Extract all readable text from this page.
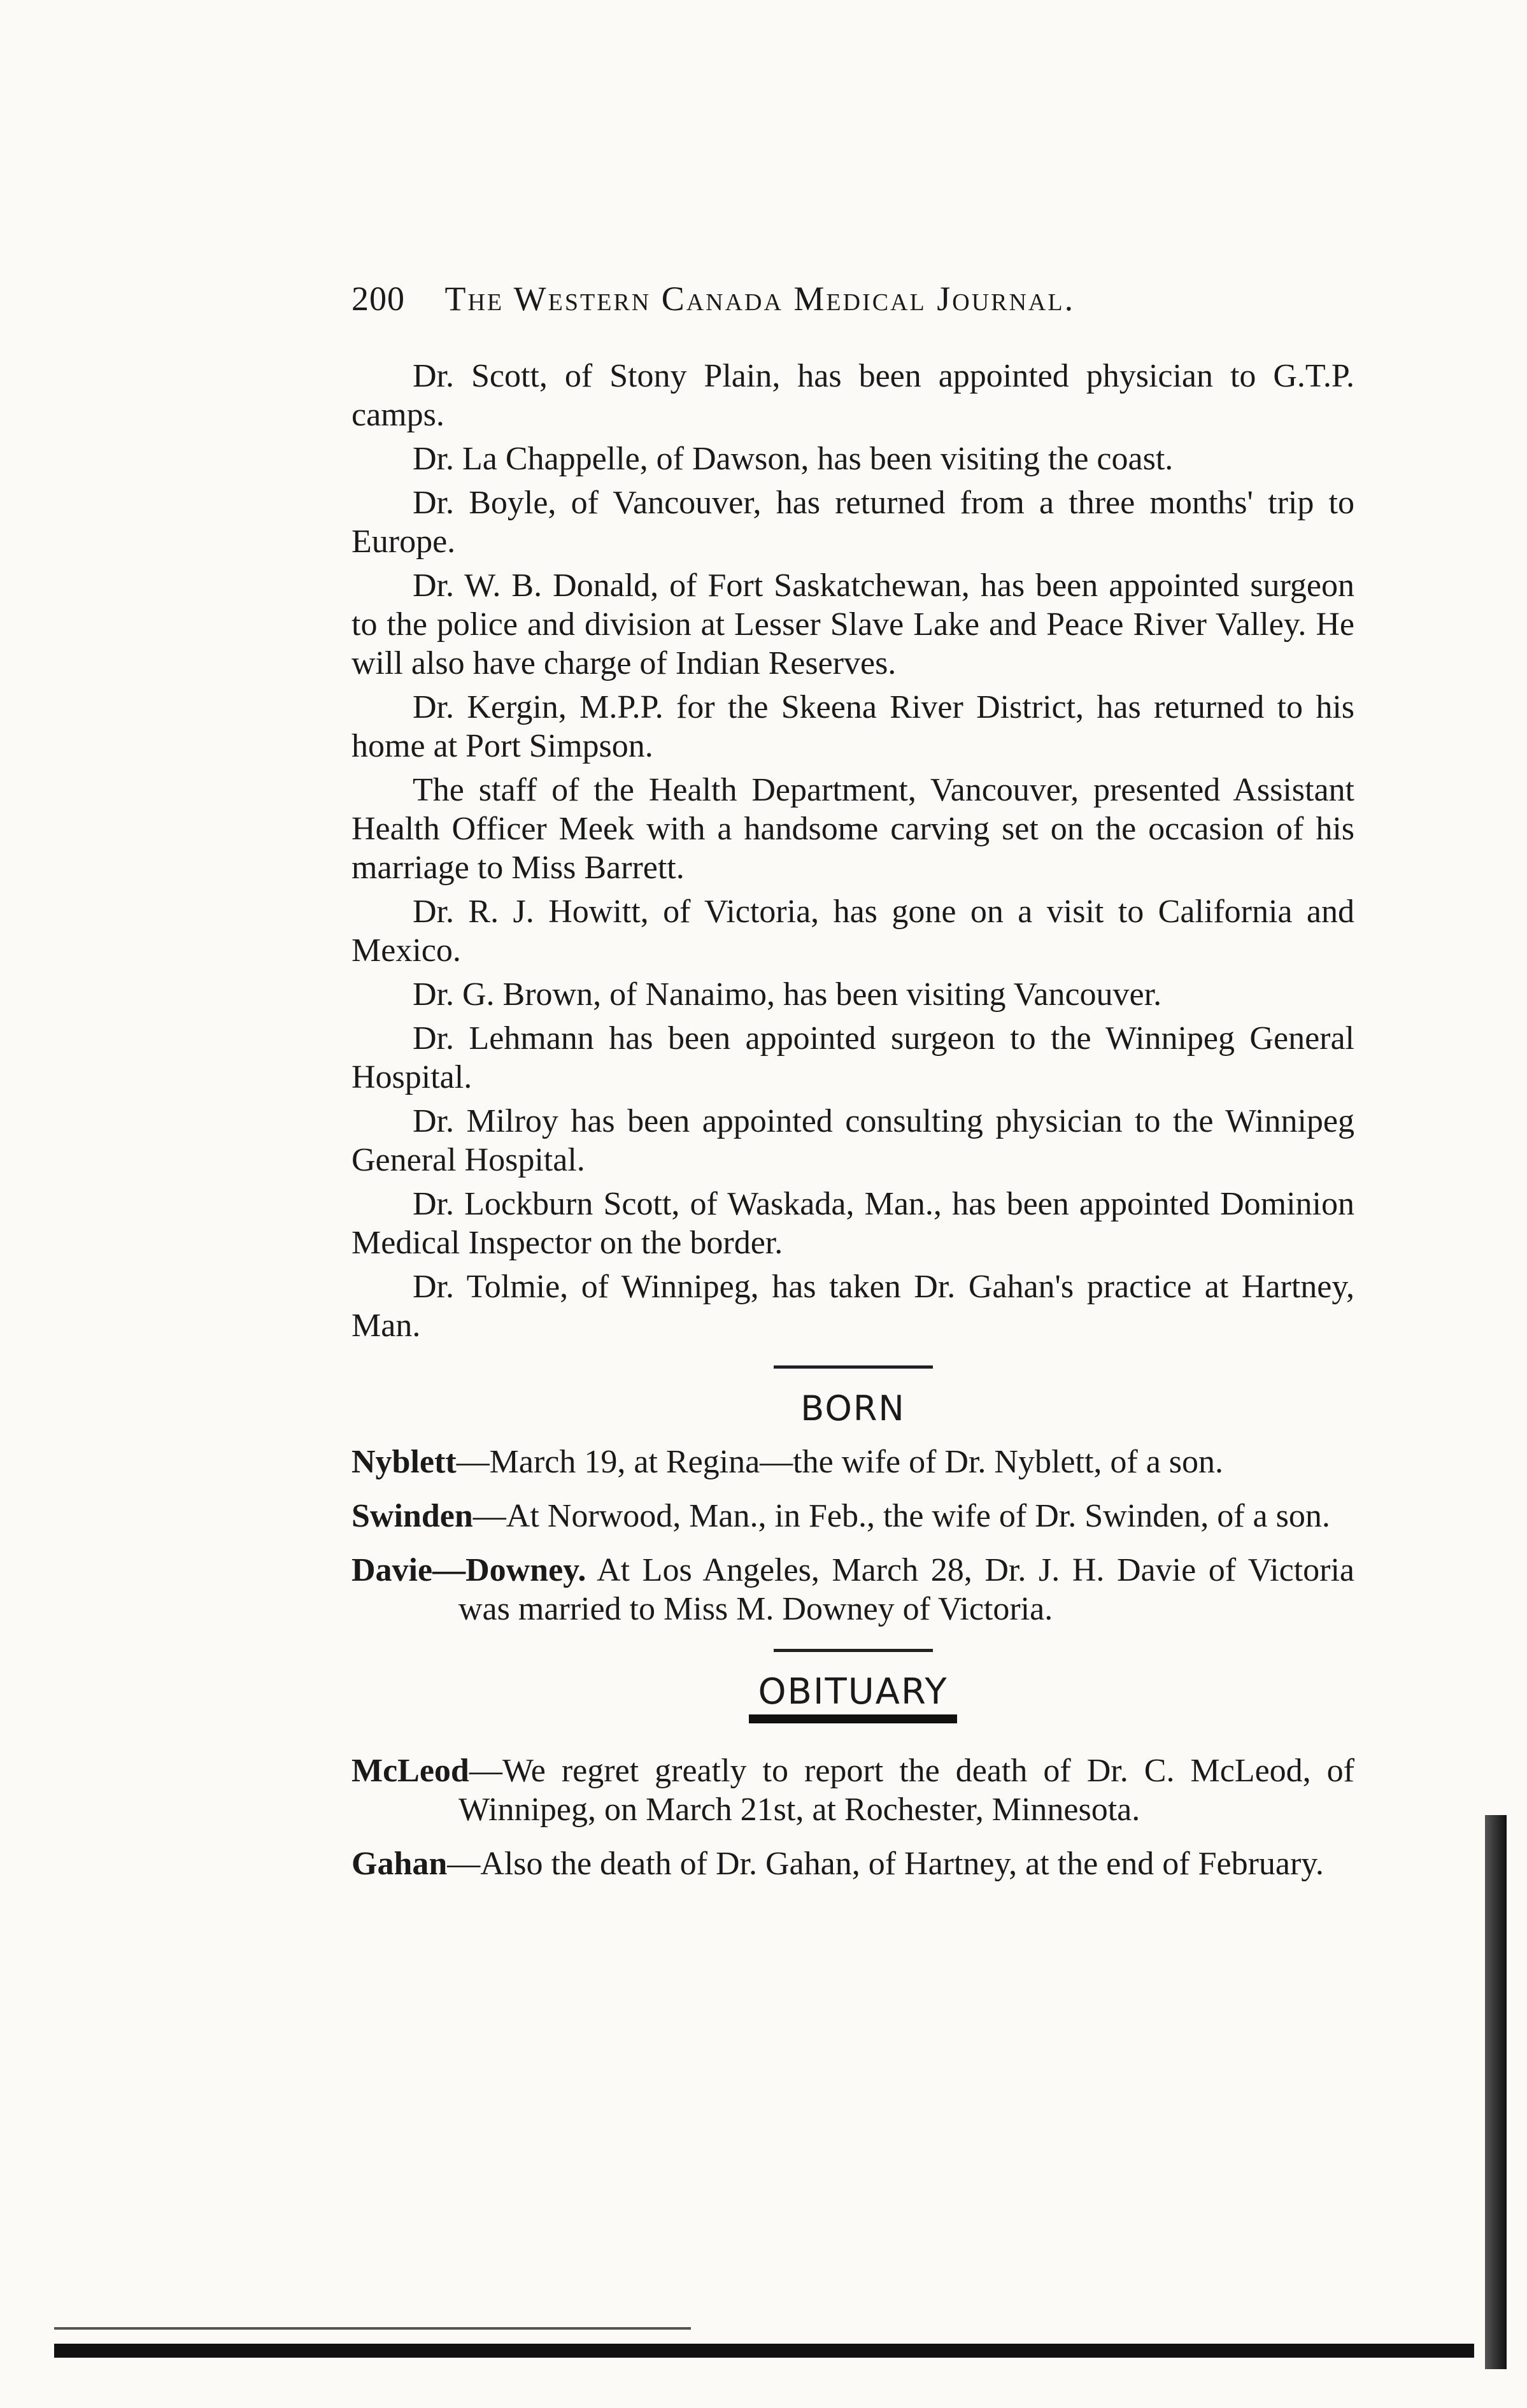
200 The Western Canada Medical Journal.

Dr. Scott, of Stony Plain, has been appointed physician to G.T.P. camps.

Dr. La Chappelle, of Dawson, has been visiting the coast.

Dr. Boyle, of Vancouver, has returned from a three months' trip to Europe.

Dr. W. B. Donald, of Fort Saskatchewan, has been appointed surgeon to the police and division at Lesser Slave Lake and Peace River Valley. He will also have charge of Indian Reserves.

Dr. Kergin, M.P.P. for the Skeena River District, has returned to his home at Port Simpson.

The staff of the Health Department, Vancouver, presented Assistant Health Officer Meek with a handsome carving set on the occasion of his marriage to Miss Barrett.

Dr. R. J. Howitt, of Victoria, has gone on a visit to California and Mexico.

Dr. G. Brown, of Nanaimo, has been visiting Vancouver.

Dr. Lehmann has been appointed surgeon to the Winnipeg General Hospital.

Dr. Milroy has been appointed consulting physician to the Winnipeg General Hospital.

Dr. Lockburn Scott, of Waskada, Man., has been appointed Dominion Medical Inspector on the border.

Dr. Tolmie, of Winnipeg, has taken Dr. Gahan's practice at Hartney, Man.

BORN
Nyblett—March 19, at Regina—the wife of Dr. Nyblett, of a son.
Swinden—At Norwood, Man., in Feb., the wife of Dr. Swinden, of a son.
Davie—Downey. At Los Angeles, March 28, Dr. J. H. Davie of Victoria was married to Miss M. Downey of Victoria.
OBITUARY
McLeod—We regret greatly to report the death of Dr. C. McLeod, of Winnipeg, on March 21st, at Rochester, Minnesota.
Gahan—Also the death of Dr. Gahan, of Hartney, at the end of February.
